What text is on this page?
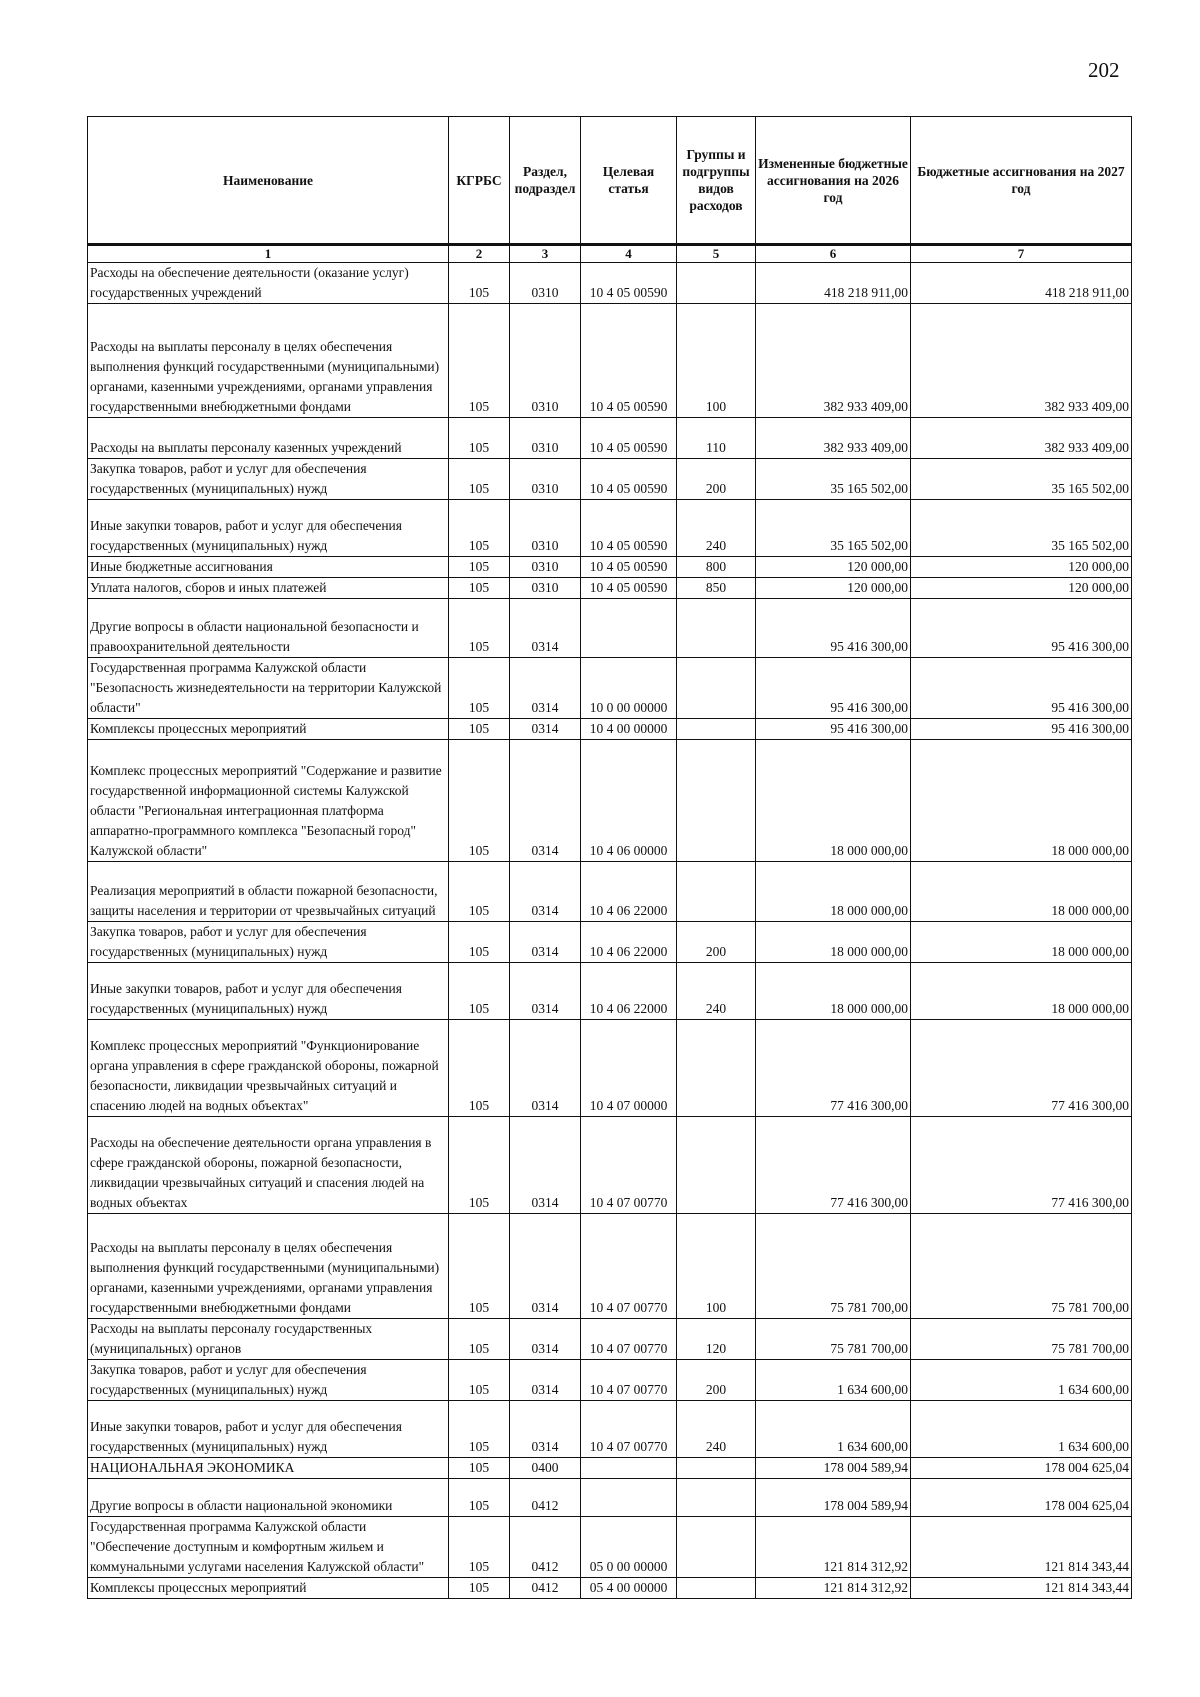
202
Наименование	КГРБС	Раздел, подраздел	Целевая статья	Группы и подгруппы видов расходов	Измененные бюджетные ассигнования на 2026 год	Бюджетные ассигнования на 2027 год
1	2	3	4	5	6	7
Расходы на обеспечение деятельности (оказание услуг) государственных учреждений	105	0310	10 4 05 00590		418 218 911,00	418 218 911,00
Расходы на выплаты персоналу в целях обеспечения выполнения функций государственными (муниципальными) органами, казенными учреждениями, органами управления государственными внебюджетными фондами	105	0310	10 4 05 00590	100	382 933 409,00	382 933 409,00
Расходы на выплаты персоналу казенных учреждений	105	0310	10 4 05 00590	110	382 933 409,00	382 933 409,00
Закупка товаров, работ и услуг для обеспечения государственных (муниципальных) нужд	105	0310	10 4 05 00590	200	35 165 502,00	35 165 502,00
Иные закупки товаров, работ и услуг для обеспечения государственных (муниципальных) нужд	105	0310	10 4 05 00590	240	35 165 502,00	35 165 502,00
Иные бюджетные ассигнования	105	0310	10 4 05 00590	800	120 000,00	120 000,00
Уплата налогов, сборов и иных платежей	105	0310	10 4 05 00590	850	120 000,00	120 000,00
Другие вопросы в области национальной безопасности и правоохранительной деятельности	105	0314			95 416 300,00	95 416 300,00
Государственная программа Калужской области "Безопасность жизнедеятельности на территории Калужской области"	105	0314	10 0 00 00000		95 416 300,00	95 416 300,00
Комплексы процессных мероприятий	105	0314	10 4 00 00000		95 416 300,00	95 416 300,00
Комплекс процессных мероприятий "Содержание и развитие государственной информационной системы Калужской области "Региональная интеграционная платформа аппаратно-программного комплекса "Безопасный город" Калужской области"	105	0314	10 4 06 00000		18 000 000,00	18 000 000,00
Реализация мероприятий в области пожарной безопасности, защиты населения и территории от чрезвычайных ситуаций	105	0314	10 4 06 22000		18 000 000,00	18 000 000,00
Закупка товаров, работ и услуг для обеспечения государственных (муниципальных) нужд	105	0314	10 4 06 22000	200	18 000 000,00	18 000 000,00
Иные закупки товаров, работ и услуг для обеспечения государственных (муниципальных) нужд	105	0314	10 4 06 22000	240	18 000 000,00	18 000 000,00
Комплекс процессных мероприятий "Функционирование органа управления в сфере гражданской обороны, пожарной безопасности, ликвидации чрезвычайных ситуаций и спасению людей на водных объектах"	105	0314	10 4 07 00000		77 416 300,00	77 416 300,00
Расходы на обеспечение деятельности органа управления в сфере гражданской обороны, пожарной безопасности, ликвидации чрезвычайных ситуаций и спасения людей на водных объектах	105	0314	10 4 07 00770		77 416 300,00	77 416 300,00
Расходы на выплаты персоналу в целях обеспечения выполнения функций государственными (муниципальными) органами, казенными учреждениями, органами управления государственными внебюджетными фондами	105	0314	10 4 07 00770	100	75 781 700,00	75 781 700,00
Расходы на выплаты персоналу государственных (муниципальных) органов	105	0314	10 4 07 00770	120	75 781 700,00	75 781 700,00
Закупка товаров, работ и услуг для обеспечения государственных (муниципальных) нужд	105	0314	10 4 07 00770	200	1 634 600,00	1 634 600,00
Иные закупки товаров, работ и услуг для обеспечения государственных (муниципальных) нужд	105	0314	10 4 07 00770	240	1 634 600,00	1 634 600,00
НАЦИОНАЛЬНАЯ ЭКОНОМИКА	105	0400			178 004 589,94	178 004 625,04
Другие вопросы в области национальной экономики	105	0412			178 004 589,94	178 004 625,04
Государственная программа Калужской области "Обеспечение доступным и комфортным жильем и коммунальными услугами населения Калужской области"	105	0412	05 0 00 00000		121 814 312,92	121 814 343,44
Комплексы процессных мероприятий	105	0412	05 4 00 00000		121 814 312,92	121 814 343,44
